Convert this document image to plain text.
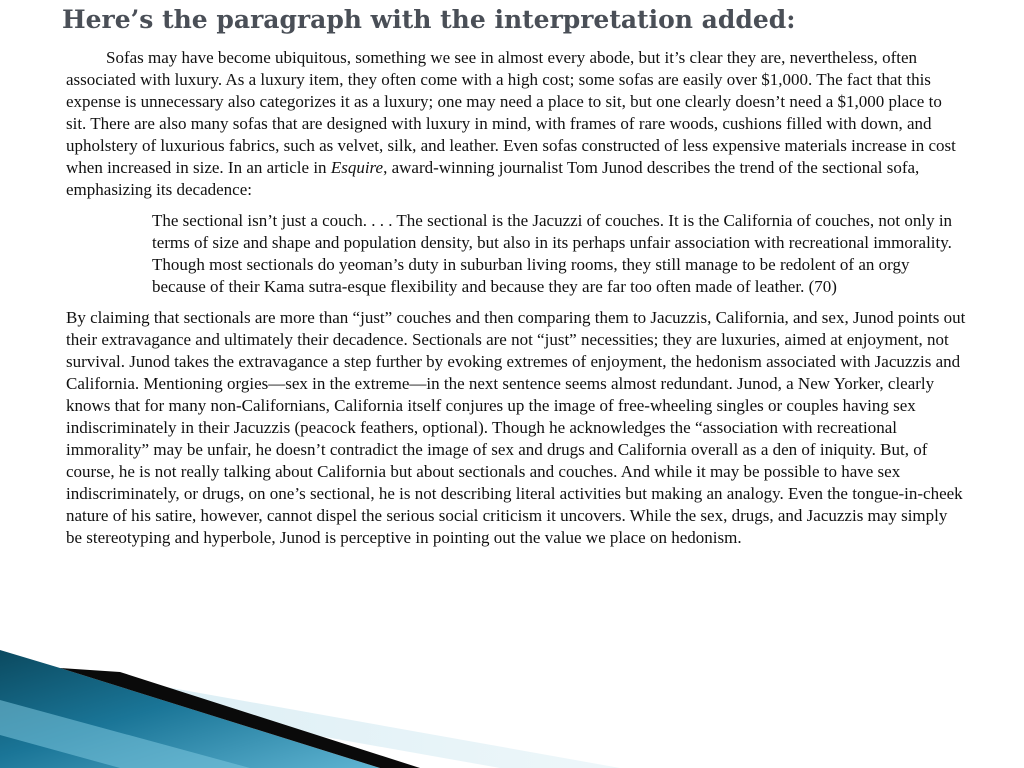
Here’s the paragraph with the interpretation added:

Sofas may have become ubiquitous, something we see in almost every abode, but it’s clear they are, nevertheless, often associated with luxury. As a luxury item, they often come with a high cost; some sofas are easily over $1,000. The fact that this expense is unnecessary also categorizes it as a luxury; one may need a place to sit, but one clearly doesn’t need a $1,000 place to sit. There are also many sofas that are designed with luxury in mind, with frames of rare woods, cushions filled with down, and upholstery of luxurious fabrics, such as velvet, silk, and leather. Even sofas constructed of less expensive materials increase in cost when increased in size. In an article in Esquire, award-winning journalist Tom Junod describes the trend of the sectional sofa, emphasizing its decadence:

The sectional isn’t just a couch. . . . The sectional is the Jacuzzi of couches. It is the California of couches, not only in terms of size and shape and population density, but also in its perhaps unfair association with recreational immorality. Though most sectionals do yeoman’s duty in suburban living rooms, they still manage to be redolent of an orgy because of their Kama sutra-esque flexibility and because they are far too often made of leather. (70)

By claiming that sectionals are more than “just” couches and then comparing them to Jacuzzis, California, and sex, Junod points out their extravagance and ultimately their decadence. Sectionals are not “just” necessities; they are luxuries, aimed at enjoyment, not survival. Junod takes the extravagance a step further by evoking extremes of enjoyment, the hedonism associated with Jacuzzis and California. Mentioning orgies—sex in the extreme—in the next sentence seems almost redundant. Junod, a New Yorker, clearly knows that for many non-Californians, California itself conjures up the image of free-wheeling singles or couples having sex indiscriminately in their Jacuzzis (peacock feathers, optional). Though he acknowledges the “association with recreational immorality” may be unfair, he doesn’t contradict the image of sex and drugs and California overall as a den of iniquity. But, of course, he is not really talking about California but about sectionals and couches. And while it may be possible to have sex indiscriminately, or drugs, on one’s sectional, he is not describing literal activities but making an analogy. Even the tongue-in-cheek nature of his satire, however, cannot dispel the serious social criticism it uncovers. While the sex, drugs, and Jacuzzis may simply be stereotyping and hyperbole, Junod is perceptive in pointing out the value we place on hedonism.
